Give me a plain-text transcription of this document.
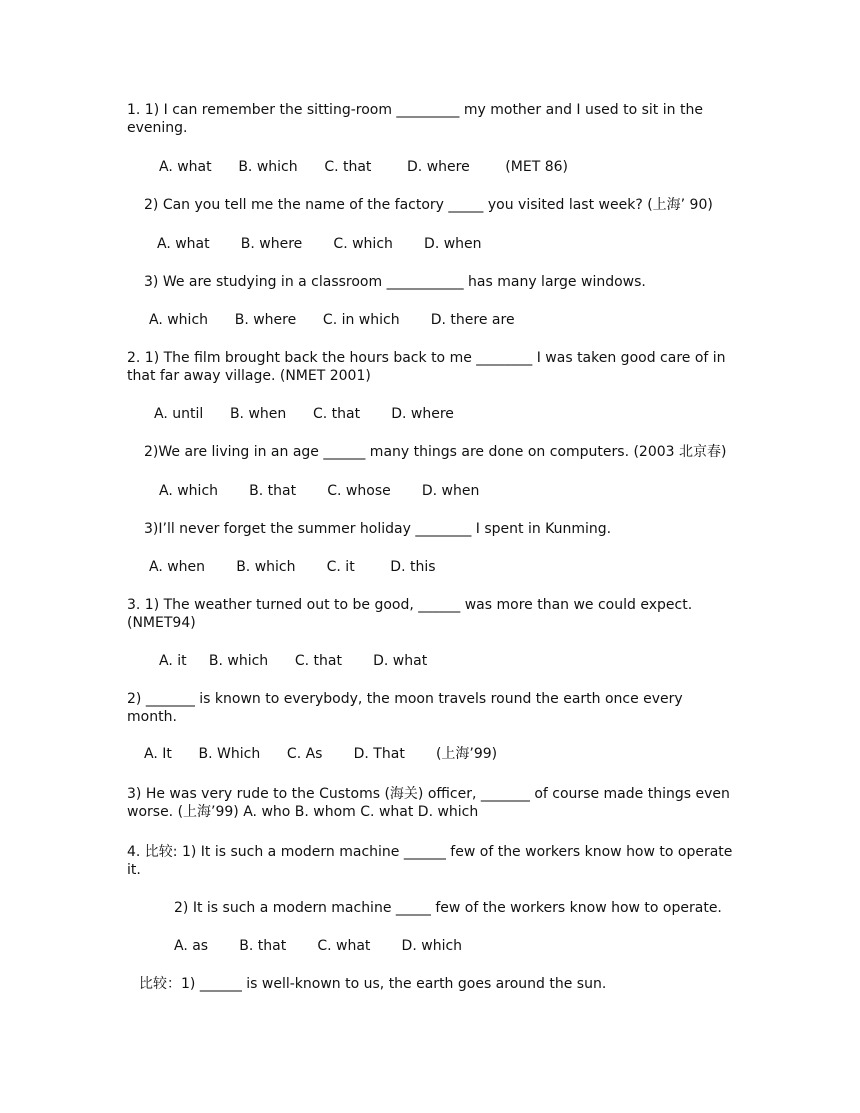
1. 1) I can remember the sitting-room _________ my mother and I used to sit in the evening.
A. what      B. which      C. that        D. where        (MET 86)
2) Can you tell me the name of the factory _____ you visited last week? (上海’ 90)
A. what       B. where       C. which       D. when
3) We are studying in a classroom ___________ has many large windows.
A. which      B. where      C. in which       D. there are
2. 1) The film brought back the hours back to me ________ I was taken good care of in that far away village. (NMET 2001)
A. until      B. when      C. that       D. where
2)We are living in an age ______ many things are done on computers. (2003 北京春)
A. which       B. that       C. whose       D. when
3)I’ll never forget the summer holiday ________ I spent in Kunming.
A. when       B. which       C. it        D. this
3. 1) The weather turned out to be good, ______ was more than we could expect. (NMET94)
A. it     B. which      C. that       D. what
2) _______ is known to everybody, the moon travels round the earth once every month.
A. It      B. Which      C. As       D. That       (上海’99)
3) He was very rude to the Customs (海关) officer, _______ of course made things even worse. (上海’99) A. who B. whom C. what D. which
4. 比较: 1) It is such a modern machine ______ few of the workers know how to operate it.
2) It is such a modern machine _____ few of the workers know how to operate.
A. as       B. that       C. what       D. which
比较：1) ______ is well-known to us, the earth goes around the sun.
